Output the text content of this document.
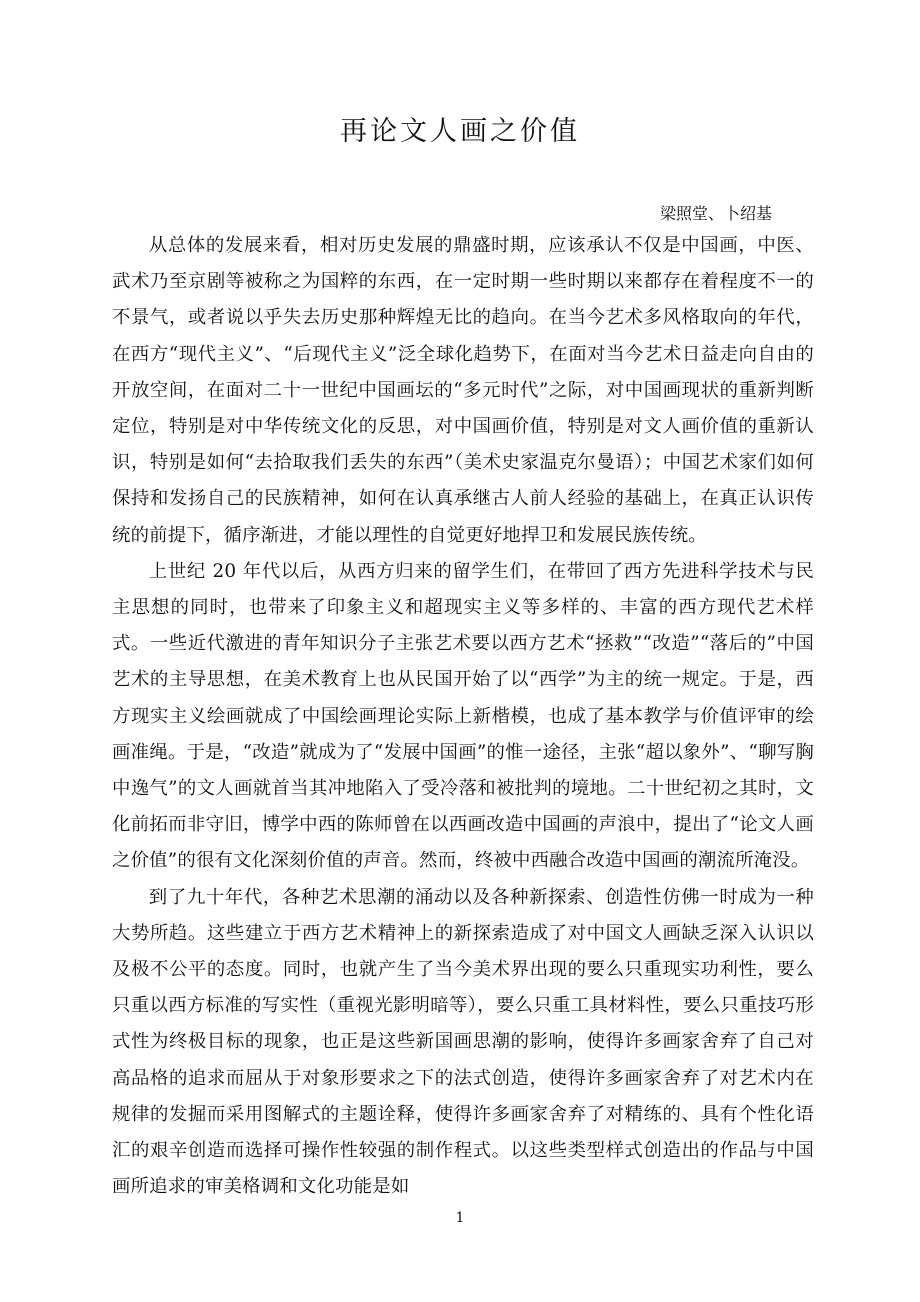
再论文人画之价值
梁照堂、卜绍基

从总体的发展来看，相对历史发展的鼎盛时期，应该承认不仅是中国画，中医、武术乃至京剧等被称之为国粹的东西，在一定时期一些时期以来都存在着程度不一的不景气，或者说以乎失去历史那种辉煌无比的趋向。在当今艺术多风格取向的年代，在西方“现代主义”、“后现代主义”泛全球化趋势下，在面对当今艺术日益走向自由的开放空间，在面对二十一世纪中国画坛的“多元时代”之际，对中国画现状的重新判断定位，特别是对中华传统文化的反思，对中国画价值，特别是对文人画价值的重新认识，特别是如何“去拾取我们丢失的东西”（美术史家温克尔曼语）；中国艺术家们如何保持和发扬自己的民族精神，如何在认真承继古人前人经验的基础上，在真正认识传统的前提下，循序渐进，才能以理性的自觉更好地捍卫和发展民族传统。

上世纪 20 年代以后，从西方归来的留学生们，在带回了西方先进科学技术与民主思想的同时，也带来了印象主义和超现实主义等多样的、丰富的西方现代艺术样式。一些近代激进的青年知识分子主张艺术要以西方艺术“拯救”“改造”“落后的”中国艺术的主导思想，在美术教育上也从民国开始了以“西学”为主的统一规定。于是，西方现实主义绘画就成了中国绘画理论实际上新楷模，也成了基本教学与价值评审的绘画准绳。于是，“改造”就成为了“发展中国画”的惟一途径，主张“超以象外”、“聊写胸中逸气”的文人画就首当其冲地陷入了受冷落和被批判的境地。二十世纪初之其时，文化前拓而非守旧，博学中西的陈师曾在以西画改造中国画的声浪中，提出了“论文人画之价值”的很有文化深刻价值的声音。然而，终被中西融合改造中国画的潮流所淹没。

到了九十年代，各种艺术思潮的涌动以及各种新探索、创造性仿佛一时成为一种大势所趋。这些建立于西方艺术精神上的新探索造成了对中国文人画缺乏深入认识以及极不公平的态度。同时，也就产生了当今美术界出现的要么只重现实功利性，要么只重以西方标准的写实性（重视光影明暗等），要么只重工具材料性，要么只重技巧形式性为终极目标的现象，也正是这些新国画思潮的影响，使得许多画家舍弃了自己对高品格的追求而屈从于对象形要求之下的法式创造，使得许多画家舍弃了对艺术内在规律的发掘而采用图解式的主题诠释，使得许多画家舍弃了对精练的、具有个性化语汇的艰辛创造而选择可操作性较强的制作程式。以这些类型样式创造出的作品与中国画所追求的审美格调和文化功能是如

1
